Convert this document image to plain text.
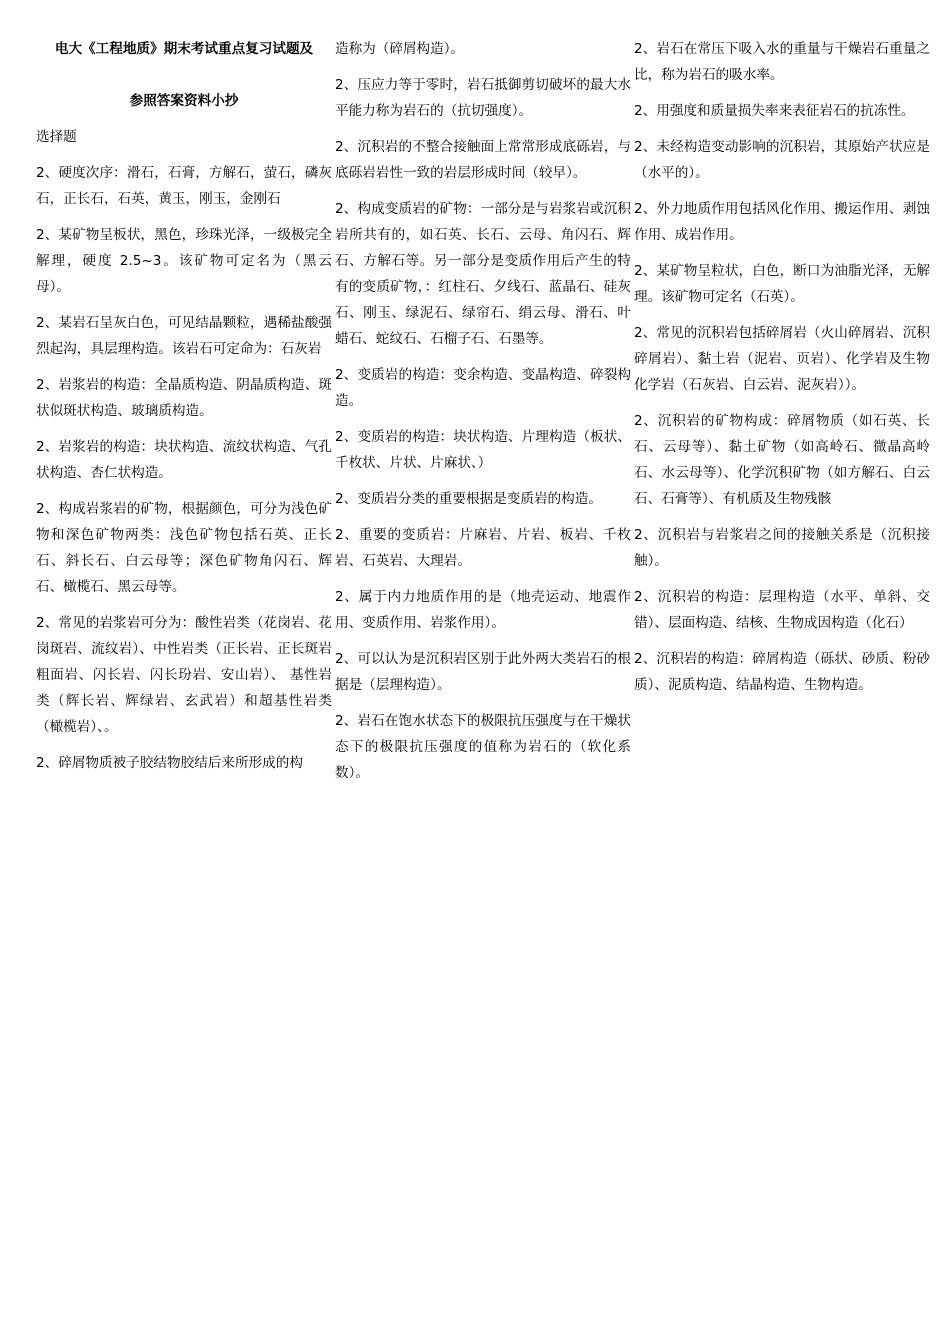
电大《工程地质》期末考试重点复习试题及

参照答案资料小抄

选择题

2、硬度次序：滑石，石膏，方解石，萤石，磷灰石，正长石，石英，黄玉，刚玉，金刚石

2、某矿物呈板状，黑色，珍珠光泽，一级极完全解理，硬度 2.5~3。该矿物可定名为（黑云母）。

2、某岩石呈灰白色，可见结晶颗粒，遇稀盐酸强烈起沟，具层理构造。该岩石可定命为：石灰岩

2、岩浆岩的构造：全晶质构造、阴晶质构造、斑状似斑状构造、玻璃质构造。

2、岩浆岩的构造：块状构造、流纹状构造、气孔状构造、杏仁状构造。

2、构成岩浆岩的矿物，根据颜色，可分为浅色矿物和深色矿物两类：浅色矿物包括石英、正长石、斜长石、白云母等；深色矿物角闪石、辉石、橄榄石、黑云母等。

2、常见的岩浆岩可分为：酸性岩类（花岗岩、花岗斑岩、流纹岩）、中性岩类（正长岩、正长斑岩粗面岩、闪长岩、闪长玢岩、安山岩）、 基性岩类（辉长岩、辉绿岩、玄武岩）和超基性岩类（橄榄岩）、。

2、碎屑物质被子胶结物胶结后来所形成的构

造称为（碎屑构造）。

2、压应力等于零时，岩石抵御剪切破坏的最大水平能力称为岩石的（抗切强度）。

2、沉积岩的不整合接触面上常常形成底砾岩，与底砾岩岩性一致的岩层形成时间（较早）。

2、构成变质岩的矿物：一部分是与岩浆岩或沉积岩所共有的，如石英、长石、云母、角闪石、辉石、方解石等。另一部分是变质作用后产生的特有的变质矿物，：红柱石、夕线石、蓝晶石、硅灰石、刚玉、绿泥石、绿帘石、绢云母、滑石、叶蜡石、蛇纹石、石榴子石、石墨等。

2、变质岩的构造：变余构造、变晶构造、碎裂构造。

2、变质岩的构造：块状构造、片理构造（板状、千枚状、片状、片麻状、）

2、变质岩分类的重要根据是变质岩的构造。

2、重要的变质岩：片麻岩、片岩、板岩、千枚岩、石英岩、大理岩。

2、属于内力地质作用的是（地壳运动、地震作用、变质作用、岩浆作用）。

2、可以认为是沉积岩区别于此外两大类岩石的根据是（层理构造）。

2、岩石在饱水状态下的极限抗压强度与在干燥状态下的极限抗压强度的值称为岩石的（软化系数）。

2、岩石在常压下吸入水的重量与干燥岩石重量之比，称为岩石的吸水率。

2、用强度和质量损失率来表征岩石的抗冻性。

2、未经构造变动影响的沉积岩，其原始产状应是（水平的）。

2、外力地质作用包括风化作用、搬运作用、剥蚀作用、成岩作用。

2、某矿物呈粒状，白色，断口为油脂光泽，无解理。该矿物可定名（石英）。

2、常见的沉积岩包括碎屑岩（火山碎屑岩、沉积碎屑岩）、黏土岩（泥岩、页岩）、化学岩及生物化学岩（石灰岩、白云岩、泥灰岩））。

2、沉积岩的矿物构成：碎屑物质（如石英、长石、云母等）、黏土矿物（如高岭石、微晶高岭石、水云母等）、化学沉积矿物（如方解石、白云石、石膏等）、有机质及生物残骸

2、沉积岩与岩浆岩之间的接触关系是（沉积接触）。

2、沉积岩的构造：层理构造（水平、单斜、交错）、层面构造、结核、生物成因构造（化石）

2、沉积岩的构造：碎屑构造（砾状、砂质、粉砂质）、泥质构造、结晶构造、生物构造。
